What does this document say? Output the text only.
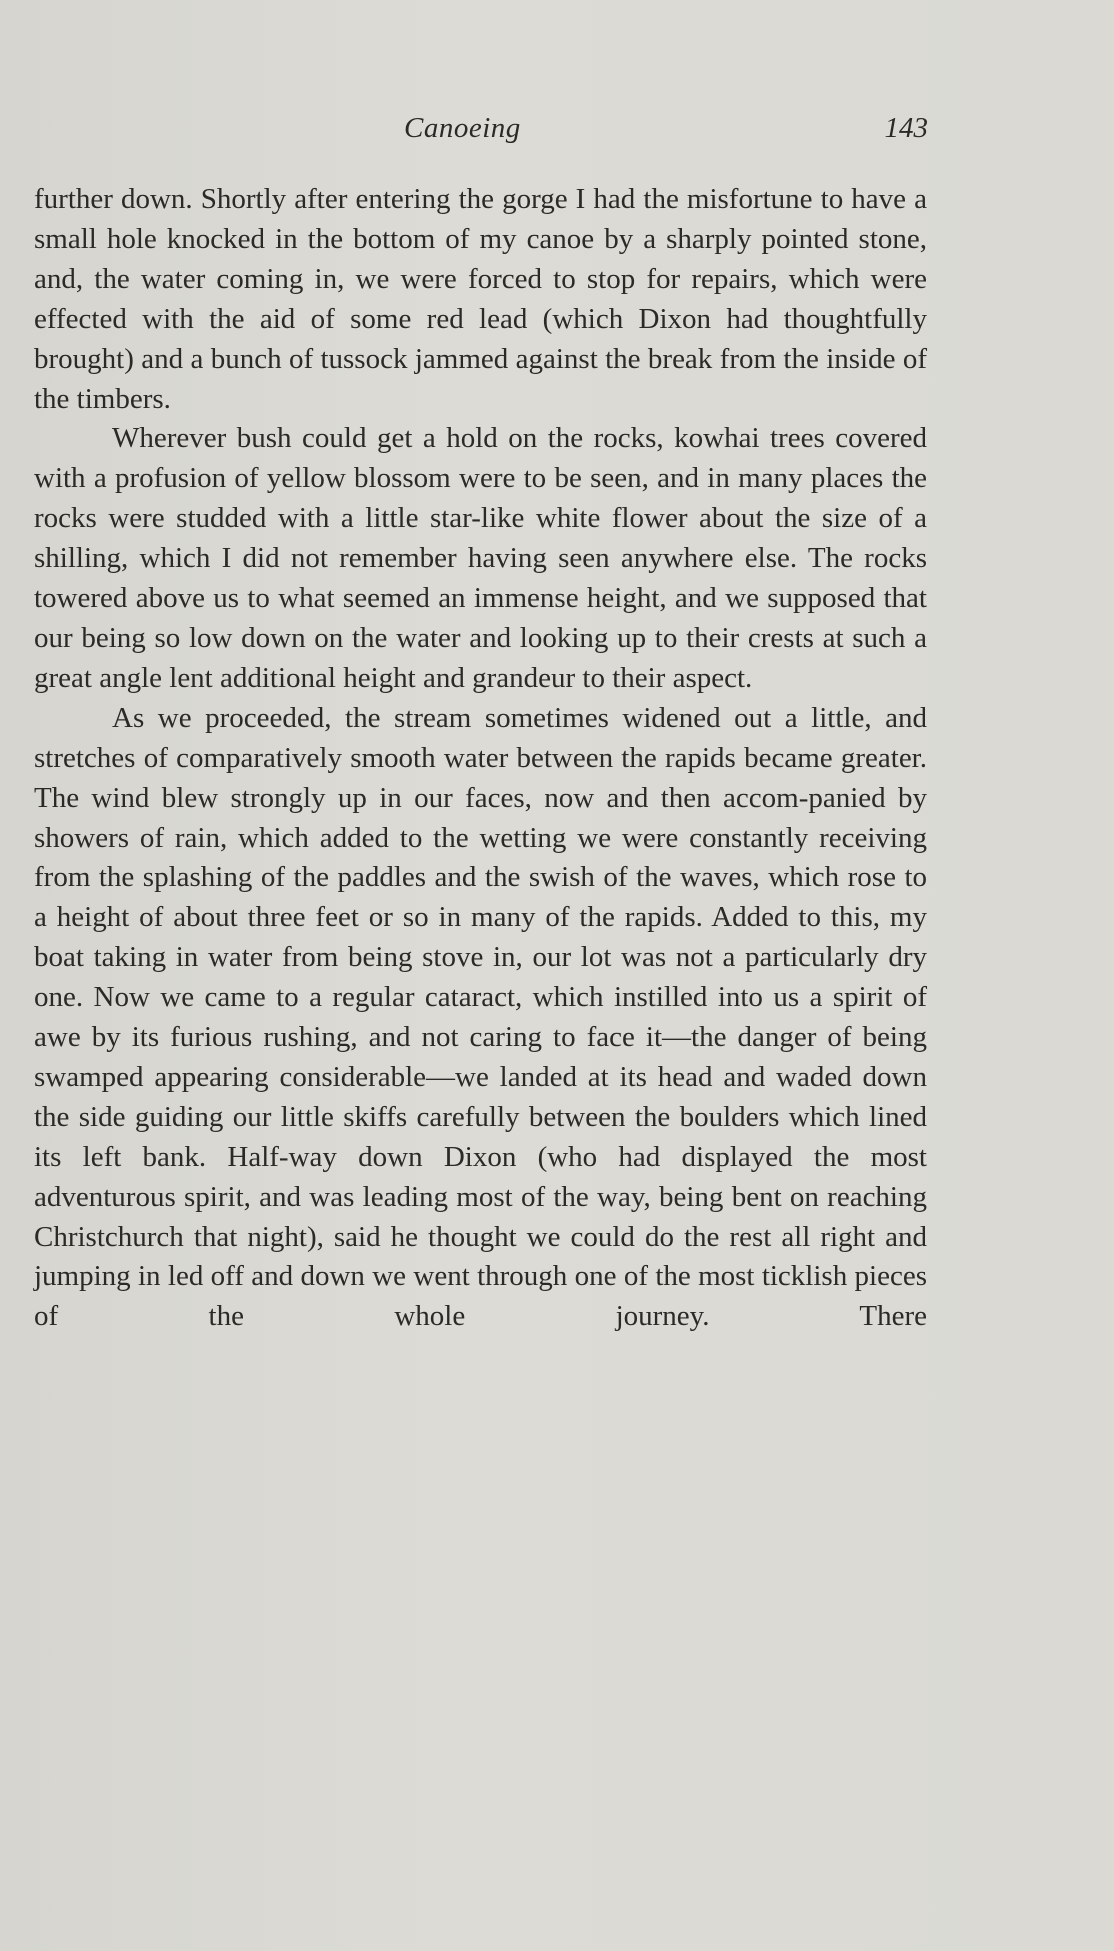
Canoeing	143

further down. Shortly after entering the gorge I had the misfortune to have a small hole knocked in the bottom of my canoe by a sharply pointed stone, and, the water coming in, we were forced to stop for repairs, which were effected with the aid of some red lead (which Dixon had thoughtfully brought) and a bunch of tussock jammed against the break from the inside of the timbers.

Wherever bush could get a hold on the rocks, kowhai trees covered with a profusion of yellow blossom were to be seen, and in many places the rocks were studded with a little star-like white flower about the size of a shilling, which I did not remember having seen anywhere else. The rocks towered above us to what seemed an immense height, and we supposed that our being so low down on the water and looking up to their crests at such a great angle lent additional height and grandeur to their aspect.

As we proceeded, the stream sometimes widened out a little, and stretches of comparatively smooth water between the rapids became greater. The wind blew strongly up in our faces, now and then accom-panied by showers of rain, which added to the wetting we were constantly receiving from the splashing of the paddles and the swish of the waves, which rose to a height of about three feet or so in many of the rapids. Added to this, my boat taking in water from being stove in, our lot was not a particularly dry one. Now we came to a regular cataract, which instilled into us a spirit of awe by its furious rushing, and not caring to face it—the danger of being swamped appearing considerable—we landed at its head and waded down the side guiding our little skiffs carefully between the boulders which lined its left bank. Half-way down Dixon (who had displayed the most adventurous spirit, and was leading most of the way, being bent on reaching Christchurch that night), said he thought we could do the rest all right and jumping in led off and down we went through one of the most ticklish pieces of the whole journey. There
